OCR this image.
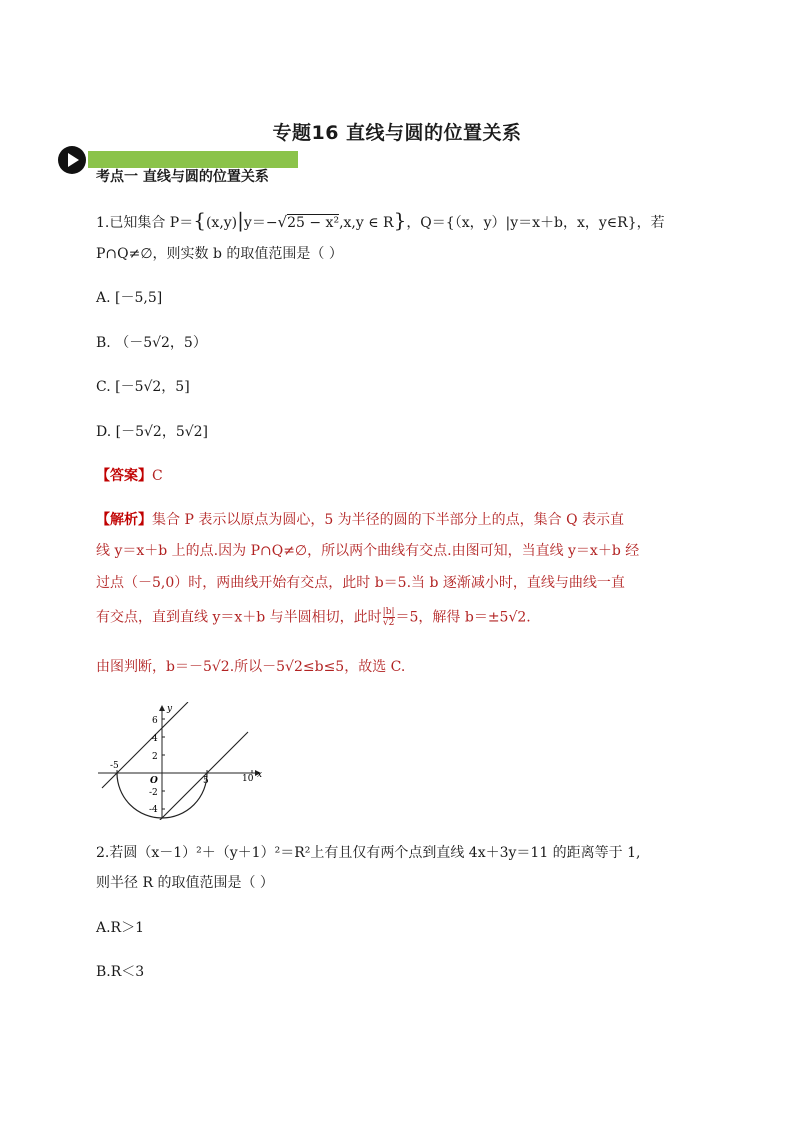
专题16 直线与圆的位置关系
考点一 直线与圆的位置关系
1.已知集合 P＝{(x,y)|y＝−√25 − x²,x,y ∈ R}，Q＝{（x，y）|y＝x＋b，x，y∈R}，若
P∩Q≠∅，则实数 b 的取值范围是（ ）
A. [－5,5]
B. （－5√2，5）
C. [－5√2，5]
D. [－5√2，5√2]
【答案】C
【解析】集合 P 表示以原点为圆心，5 为半径的圆的下半部分上的点，集合 Q 表示直
线 y＝x＋b 上的点.因为 P∩Q≠∅，所以两个曲线有交点.由图可知，当直线 y＝x＋b 经
过点（－5,0）时，两曲线开始有交点，此时 b＝5.当 b 逐渐减小时，直线与曲线一直
有交点，直到直线 y＝x＋b 与半圆相切，此时 $\frac{|b|}{√2} =5$，解得 b＝±5√2.
由图判断，b＝－5√2.所以－5√2≤b≤5，故选 C.
y
x
6
4
2
-5
O	5	10
-2
-4
2.若圆（x－1）²＋（y＋1）²＝R²上有且仅有两个点到直线 4x＋3y＝11 的距离等于 1,
则半径 R 的取值范围是（ ）
A.R＞1
B.R＜3
